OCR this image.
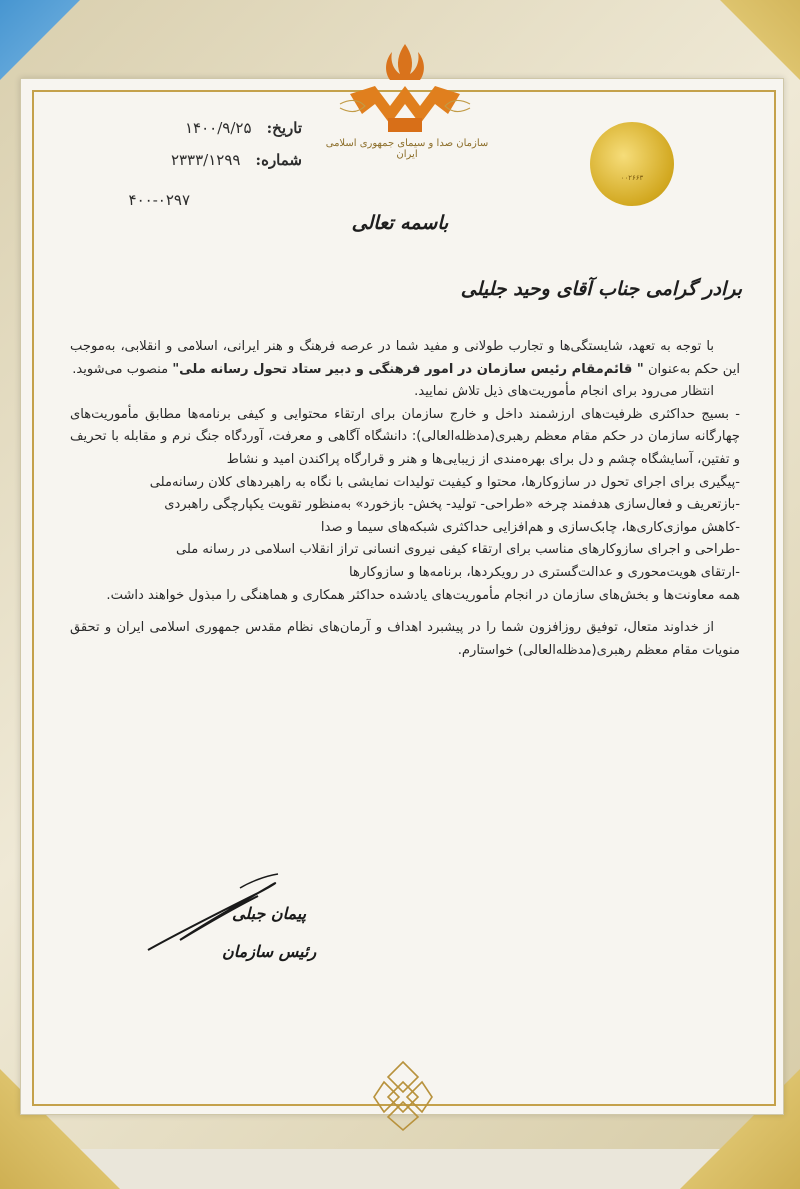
سازمان صدا و سیمای جمهوری اسلامی ایران
۰۰۲۶۶۳
تاریخ: ۱۴۰۰/۹/۲۵
شماره: ۲۳۳۳/۱۲۹۹
۴۰۰-۰۲۹۷
باسمه تعالی
برادر گرامی جناب آقای وحید جلیلی

با توجه به تعهد، شایستگی‌ها و تجارب طولانی و مفید شما در عرصه فرهنگ و هنر ایرانی، اسلامی و انقلابی، به‌موجب این حکم به‌عنوان " قائم‌مقام رئیس سازمان در امور فرهنگی و دبیر ستاد تحول رسانه ملی" منصوب می‌شوید.

انتظار می‌رود برای انجام مأموریت‌های ذیل تلاش نمایید.

- بسیج حداکثری ظرفیت‌های ارزشمند داخل و خارج سازمان برای ارتقاء محتوایی و کیفی برنامه‌ها مطابق مأموریت‌های چهارگانه سازمان در حکم مقام معظم رهبری(مدظله‌العالی): دانشگاه آگاهی و معرفت، آوردگاه جنگ نرم و مقابله با تحریف و تفتین، آسایشگاه چشم و دل برای بهره‌مندی از زیبایی‌ها و هنر و قرارگاه پراکندن امید و نشاط

-پیگیری برای اجرای تحول در سازوکارها، محتوا و کیفیت تولیدات نمایشی با نگاه به راهبردهای کلان رسانه‌ملی

-بازتعریف و فعال‌سازی هدفمند چرخه «طراحی- تولید- پخش- بازخورد» به‌منظور تقویت یکپارچگی راهبردی

-کاهش موازی‌کاری‌ها، چابک‌سازی و هم‌افزایی حداکثری شبکه‌های سیما و صدا

-طراحی و اجرای سازوکارهای مناسب برای ارتقاء کیفی نیروی انسانی تراز انقلاب اسلامی در رسانه ملی

-ارتقای هویت‌محوری و عدالت‌گستری در رویکردها، برنامه‌ها و سازوکارها

همه معاونت‌ها و بخش‌های سازمان در انجام مأموریت‌های یادشده حداکثر همکاری و هماهنگی را مبذول خواهند داشت.

از خداوند متعال، توفیق روزافزون شما را در پیشبرد اهداف و آرمان‌های نظام مقدس جمهوری اسلامی ایران و تحقق منویات مقام معظم رهبری(مدظله‌العالی) خواستارم.

پیمان جبلی
رئیس سازمان
